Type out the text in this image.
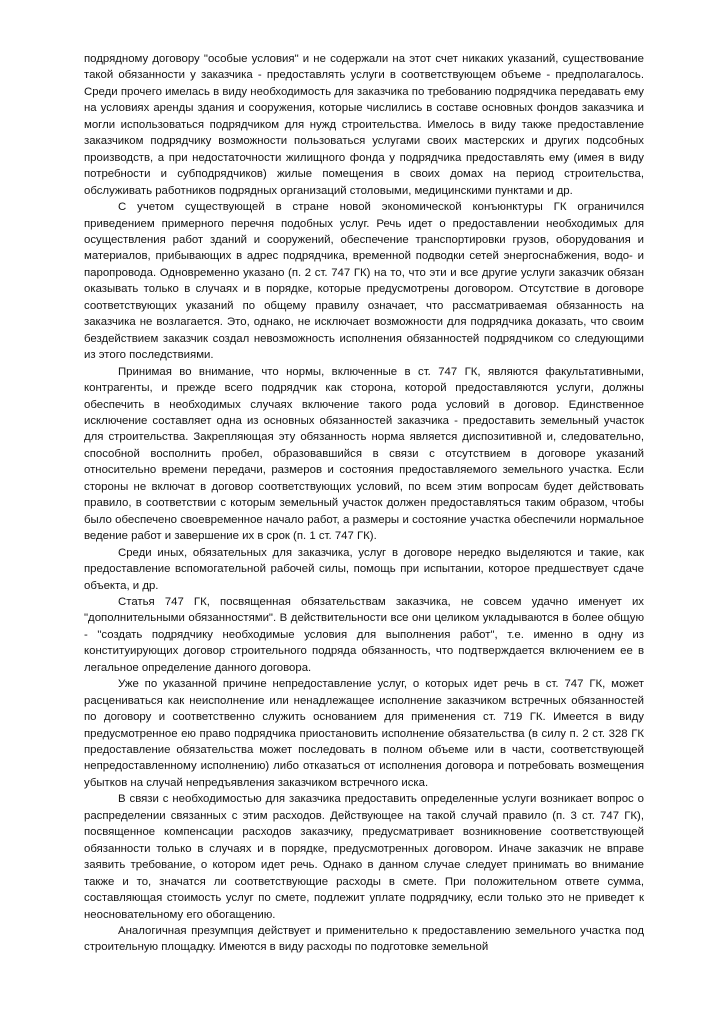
подрядному договору "особые условия" и не содержали на этот счет никаких указаний, существование такой обязанности у заказчика - предоставлять услуги в соответствующем объеме - предполагалось. Среди прочего имелась в виду необходимость для заказчика по требованию подрядчика передавать ему на условиях аренды здания и сооружения, которые числились в составе основных фондов заказчика и могли использоваться подрядчиком для нужд строительства. Имелось в виду также предоставление заказчиком подрядчику возможности пользоваться услугами своих мастерских и других подсобных производств, а при недостаточности жилищного фонда у подрядчика предоставлять ему (имея в виду потребности и субподрядчиков) жилые помещения в своих домах на период строительства, обслуживать работников подрядных организаций столовыми, медицинскими пунктами и др.

С учетом существующей в стране новой экономической конъюнктуры ГК ограничился приведением примерного перечня подобных услуг. Речь идет о предоставлении необходимых для осуществления работ зданий и сооружений, обеспечение транспортировки грузов, оборудования и материалов, прибывающих в адрес подрядчика, временной подводки сетей энергоснабжения, водо- и паропровода. Одновременно указано (п. 2 ст. 747 ГК) на то, что эти и все другие услуги заказчик обязан оказывать только в случаях и в порядке, которые предусмотрены договором. Отсутствие в договоре соответствующих указаний по общему правилу означает, что рассматриваемая обязанность на заказчика не возлагается. Это, однако, не исключает возможности для подрядчика доказать, что своим бездействием заказчик создал невозможность исполнения обязанностей подрядчиком со следующими из этого последствиями.

Принимая во внимание, что нормы, включенные в ст. 747 ГК, являются факультативными, контрагенты, и прежде всего подрядчик как сторона, которой предоставляются услуги, должны обеспечить в необходимых случаях включение такого рода условий в договор. Единственное исключение составляет одна из основных обязанностей заказчика - предоставить земельный участок для строительства. Закрепляющая эту обязанность норма является диспозитивной и, следовательно, способной восполнить пробел, образовавшийся в связи с отсутствием в договоре указаний относительно времени передачи, размеров и состояния предоставляемого земельного участка. Если стороны не включат в договор соответствующих условий, по всем этим вопросам будет действовать правило, в соответствии с которым земельный участок должен предоставляться таким образом, чтобы было обеспечено своевременное начало работ, а размеры и состояние участка обеспечили нормальное ведение работ и завершение их в срок (п. 1 ст. 747 ГК).

Среди иных, обязательных для заказчика, услуг в договоре нередко выделяются и такие, как предоставление вспомогательной рабочей силы, помощь при испытании, которое предшествует сдаче объекта, и др.

Статья 747 ГК, посвященная обязательствам заказчика, не совсем удачно именует их "дополнительными обязанностями". В действительности все они целиком укладываются в более общую - "создать подрядчику необходимые условия для выполнения работ", т.е. именно в одну из конституирующих договор строительного подряда обязанность, что подтверждается включением ее в легальное определение данного договора.

Уже по указанной причине непредоставление услуг, о которых идет речь в ст. 747 ГК, может расцениваться как неисполнение или ненадлежащее исполнение заказчиком встречных обязанностей по договору и соответственно служить основанием для применения ст. 719 ГК. Имеется в виду предусмотренное ею право подрядчика приостановить исполнение обязательства (в силу п. 2 ст. 328 ГК предоставление обязательства может последовать в полном объеме или в части, соответствующей непредоставленному исполнению) либо отказаться от исполнения договора и потребовать возмещения убытков на случай непредъявления заказчиком встречного иска.

В связи с необходимостью для заказчика предоставить определенные услуги возникает вопрос о распределении связанных с этим расходов. Действующее на такой случай правило (п. 3 ст. 747 ГК), посвященное компенсации расходов заказчику, предусматривает возникновение соответствующей обязанности только в случаях и в порядке, предусмотренных договором. Иначе заказчик не вправе заявить требование, о котором идет речь. Однако в данном случае следует принимать во внимание также и то, значатся ли соответствующие расходы в смете. При положительном ответе сумма, составляющая стоимость услуг по смете, подлежит уплате подрядчику, если только это не приведет к неосновательному его обогащению.

Аналогичная презумпция действует и применительно к предоставлению земельного участка под строительную площадку. Имеются в виду расходы по подготовке земельной
